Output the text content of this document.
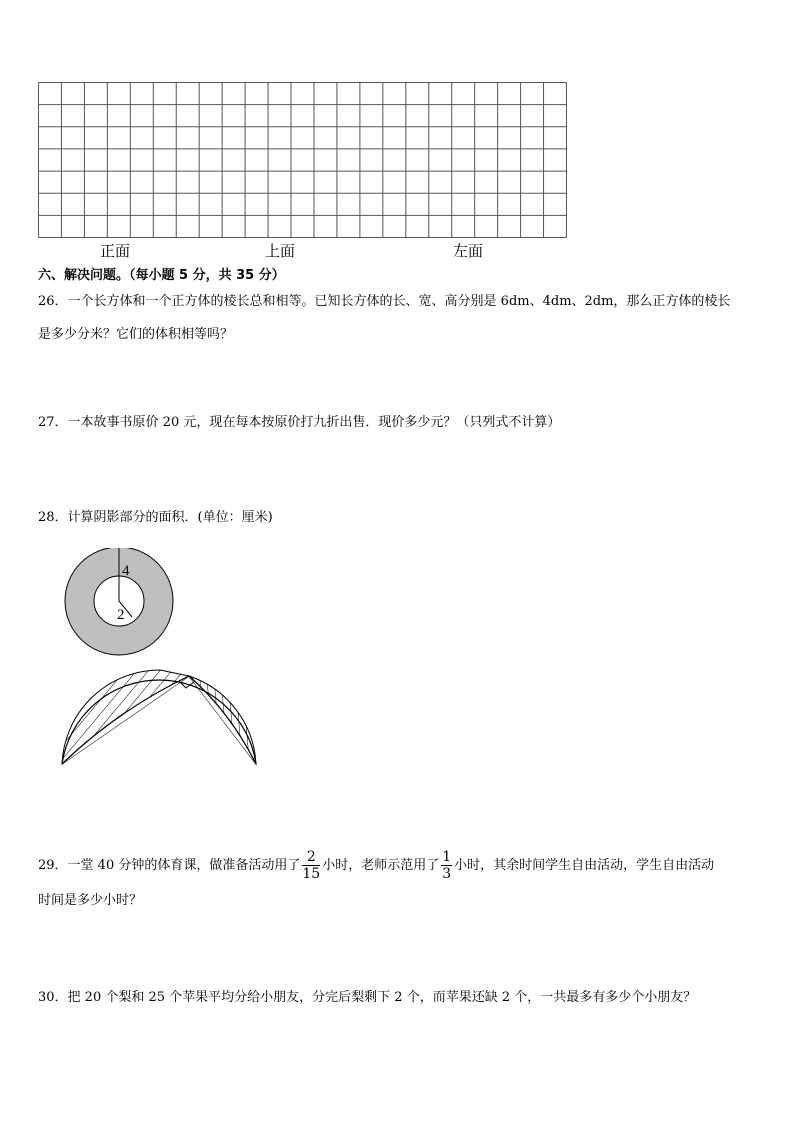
正面	上面	左面
六、解决问题。（每小题 5 分，共 35 分）
26．一个长方体和一个正方体的棱长总和相等。已知长方体的长、宽、高分别是 6dm、4dm、2dm，那么正方体的棱长
是多少分米？它们的体积相等吗？
27．一本故事书原价 20 元，现在每本按原价打九折出售．现价多少元？（只列式不计算）
28．计算阴影部分的面积．(单位：厘米)
4
2
29．一堂 40 分钟的体育课，做准备活动用了 $\frac{2}{15}$ 小时，老师示范用了 $\frac{1}{3}$ 小时，其余时间学生自由活动，学生自由活动
时间是多少小时？
30．把 20 个梨和 25 个苹果平均分给小朋友，分完后梨剩下 2 个，而苹果还缺 2 个，一共最多有多少个小朋友？
